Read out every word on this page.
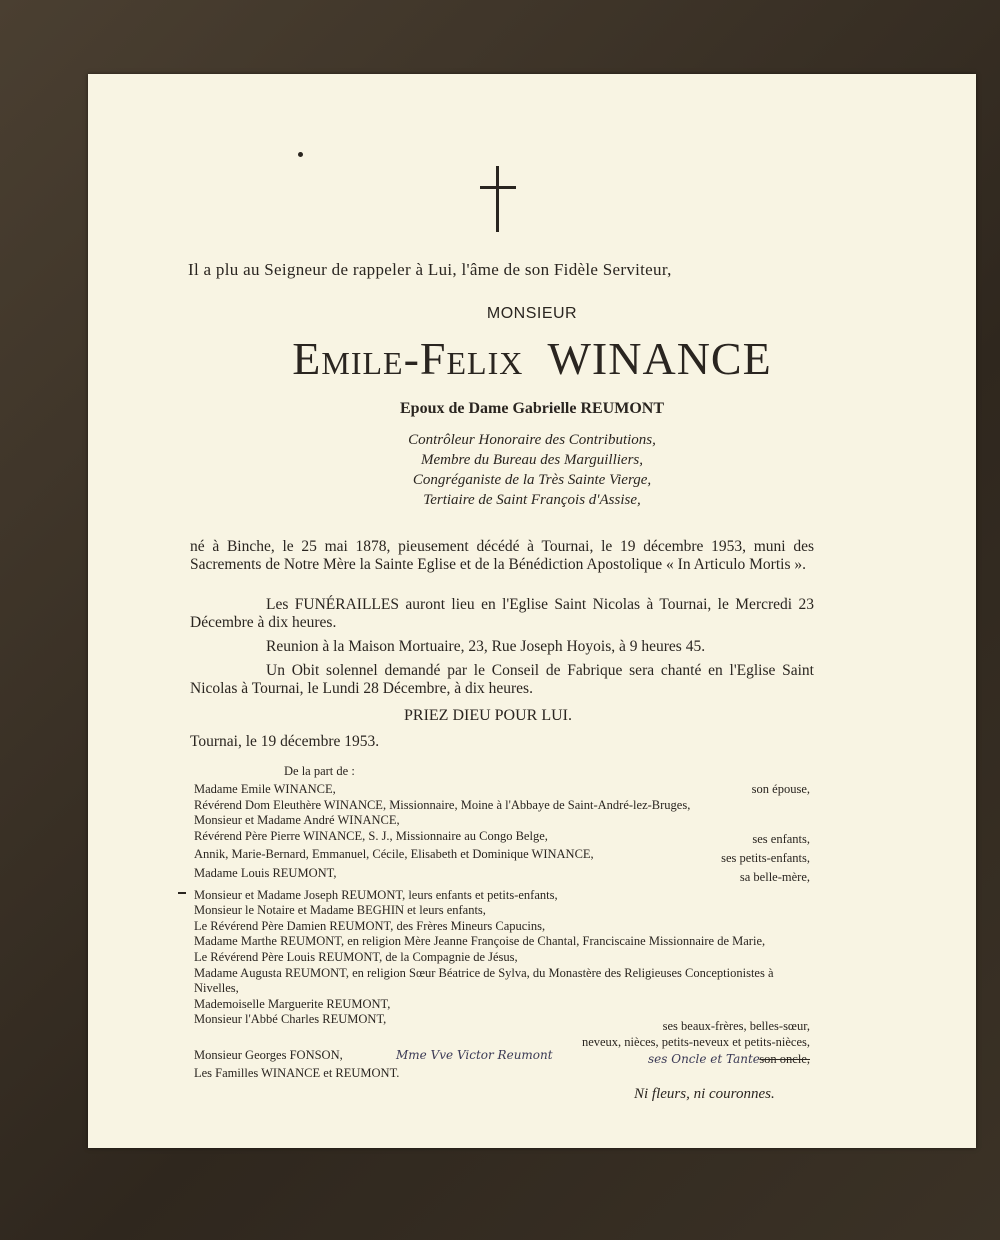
Il a plu au Seigneur de rappeler à Lui, l'âme de son Fidèle Serviteur,
MONSIEUR
Emile-Felix WINANCE
Epoux de Dame Gabrielle REUMONT
Contrôleur Honoraire des Contributions,
Membre du Bureau des Marguilliers,
Congréganiste de la Très Sainte Vierge,
Tertiaire de Saint François d'Assise,
né à Binche, le 25 mai 1878, pieusement décédé à Tournai, le 19 décembre 1953, muni des Sacrements de Notre Mère la Sainte Eglise et de la Bénédiction Apostolique « In Articulo Mortis ».
Les FUNÉRAILLES auront lieu en l'Eglise Saint Nicolas à Tournai, le Mercredi 23 Décembre à dix heures.
Reunion à la Maison Mortuaire, 23, Rue Joseph Hoyois, à 9 heures 45.
Un Obit solennel demandé par le Conseil de Fabrique sera chanté en l'Eglise Saint Nicolas à Tournai, le Lundi 28 Décembre, à dix heures.
PRIEZ DIEU POUR LUI.
Tournai, le 19 décembre 1953.
De la part de :
Madame Emile WINANCE,
Révérend Dom Eleuthère WINANCE, Missionnaire, Moine à l'Abbaye de Saint-André-lez-Bruges,
Monsieur et Madame André WINANCE,
Révérend Père Pierre WINANCE, S. J., Missionnaire au Congo Belge,
Annik, Marie-Bernard, Emmanuel, Cécile, Elisabeth et Dominique WINANCE,
Madame Louis REUMONT,
Monsieur et Madame Joseph REUMONT, leurs enfants et petits-enfants,
Monsieur le Notaire et Madame BEGHIN et leurs enfants,
Le Révérend Père Damien REUMONT, des Frères Mineurs Capucins,
Madame Marthe REUMONT, en religion Mère Jeanne Françoise de Chantal, Franciscaine Missionnaire de Marie,
Le Révérend Père Louis REUMONT, de la Compagnie de Jésus,
Madame Augusta REUMONT, en religion Sœur Béatrice de Sylva, du Monastère des Religieuses Conceptionistes à Nivelles,
Mademoiselle Marguerite REUMONT,
Monsieur l'Abbé Charles REUMONT,
Monsieur Georges FONSON,
Les Familles WINANCE et REUMONT.
son épouse,
ses enfants,
ses petits-enfants,
sa belle-mère,
ses beaux-frères, belles-sœur,
neveux, nièces, petits-neveux et petits-nièces,
son oncle,
Mme Vve Victor Reumont	ses Oncle et Tante
Ni fleurs, ni couronnes.
